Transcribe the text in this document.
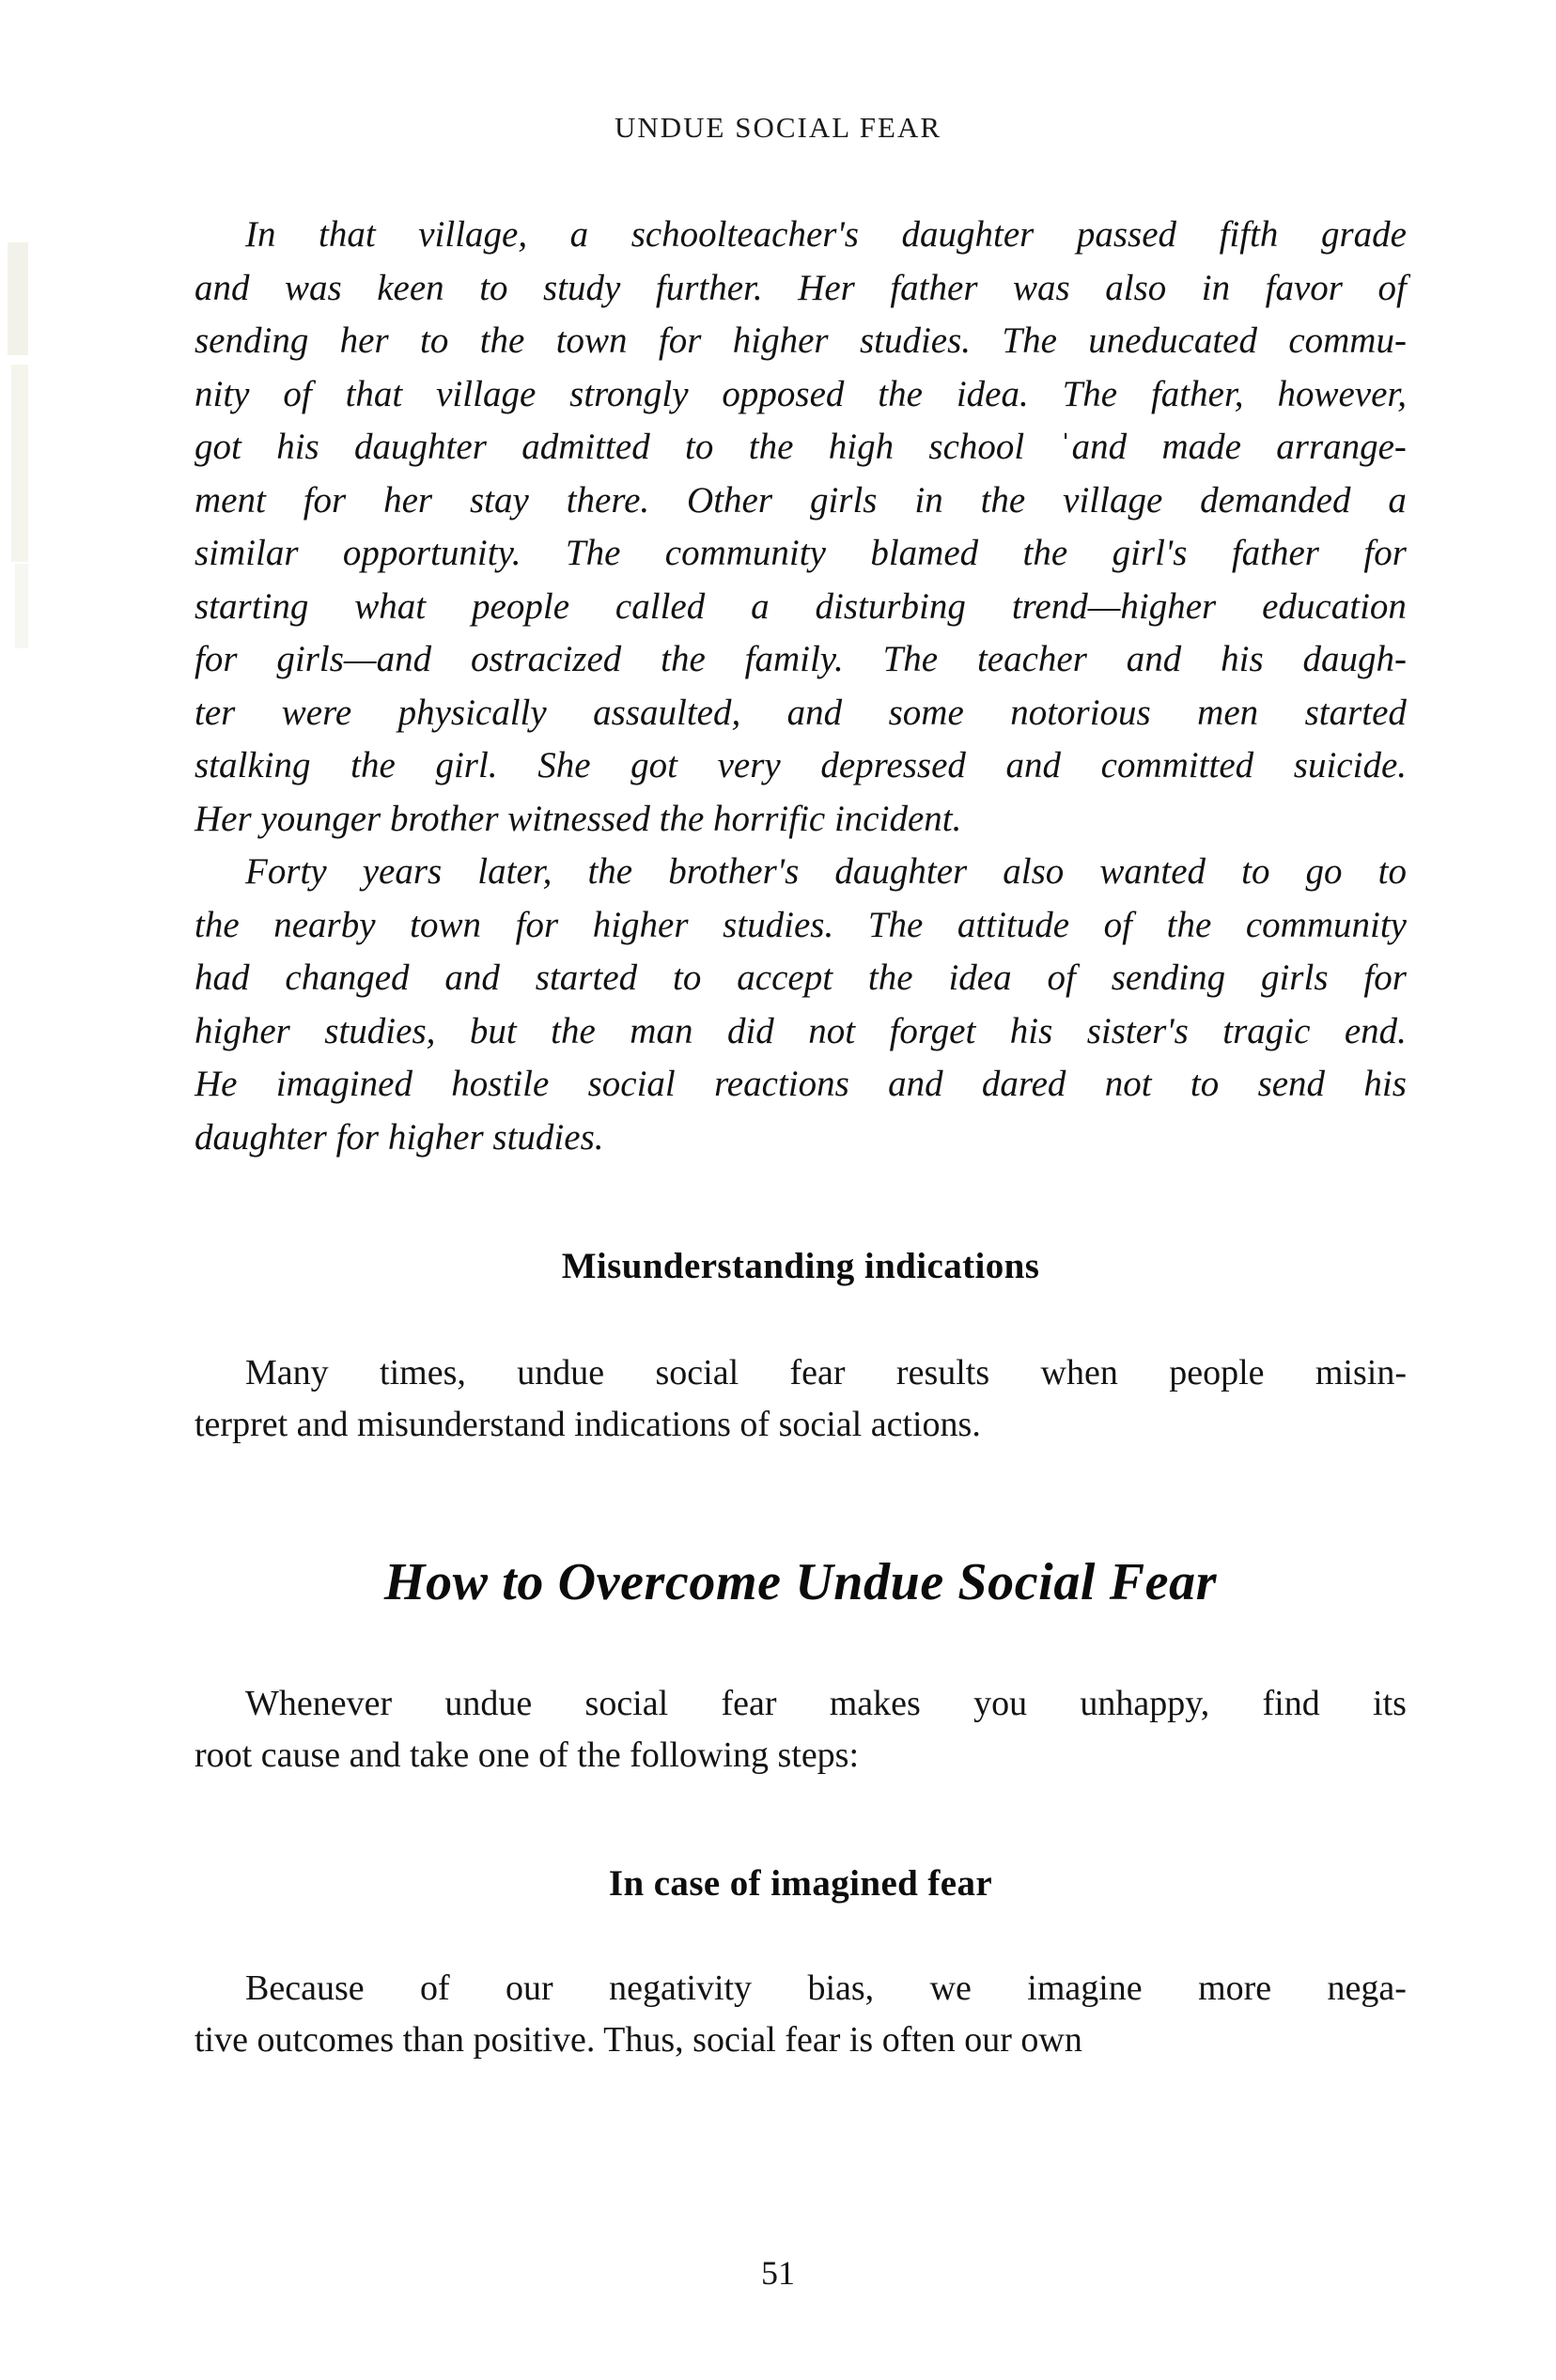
UNDUE SOCIAL FEAR
In that village, a schoolteacher's daughter passed fifth grade
and was keen to study further. Her father was also in favor of
sending her to the town for higher studies. The uneducated commu-
nity of that village strongly opposed the idea. The father, however,
got his daughter admitted to the high school ˈand made arrange-
ment for her stay there. Other girls in the village demanded a
similar opportunity. The community blamed the girl's father for
starting what people called a disturbing trend—higher education
for girls—and ostracized the family. The teacher and his daugh-
ter were physically assaulted, and some notorious men started
stalking the girl. She got very depressed and committed suicide.
Her younger brother witnessed the horrific incident.
Forty years later, the brother's daughter also wanted to go to
the nearby town for higher studies. The attitude of the community
had changed and started to accept the idea of sending girls for
higher studies, but the man did not forget his sister's tragic end.
He imagined hostile social reactions and dared not to send his
daughter for higher studies.
Misunderstanding indications
Many times, undue social fear results when people misin-
terpret and misunderstand indications of social actions.
How to Overcome Undue Social Fear
Whenever undue social fear makes you unhappy, find its
root cause and take one of the following steps:
In case of imagined fear
Because of our negativity bias, we imagine more nega-
tive outcomes than positive. Thus, social fear is often our own
51
